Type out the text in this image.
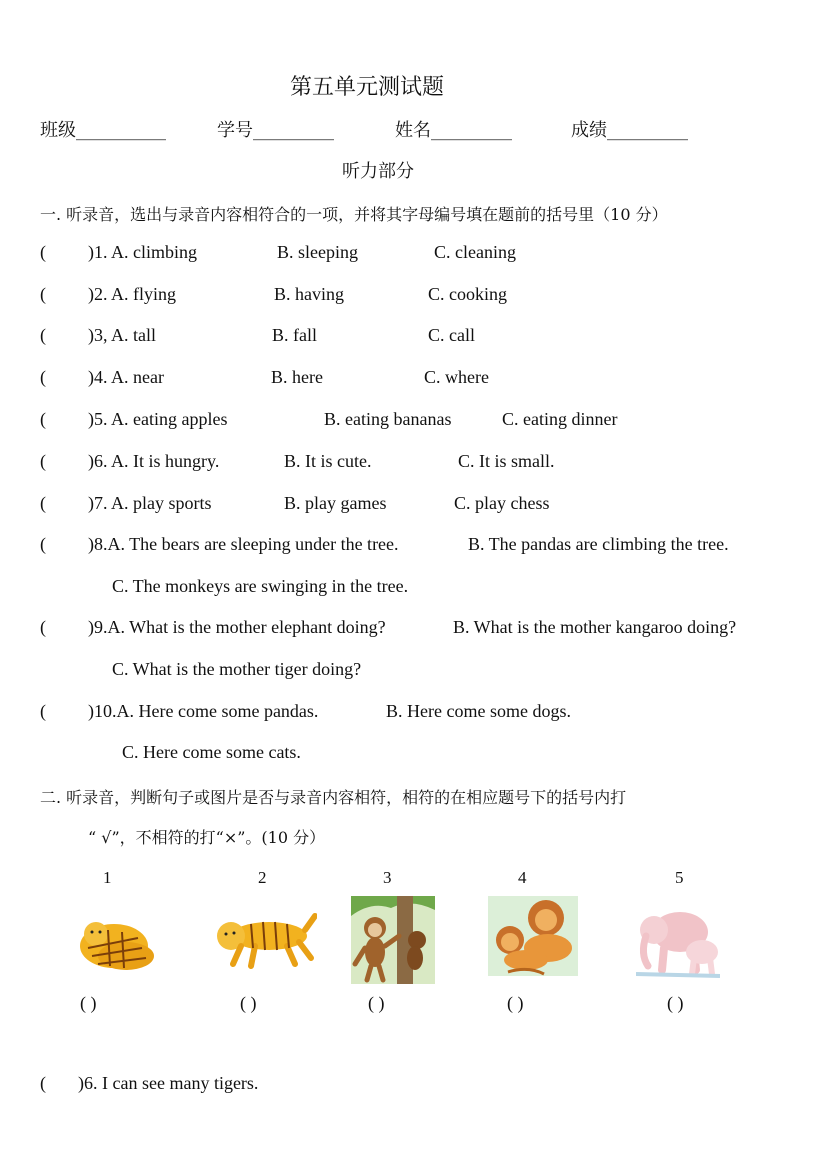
第五单元测试题
班级__________	学号_________	姓名_________	成绩_________
听力部分
一. 听录音，选出与录音内容相符合的一项，并将其字母编号填在题前的括号里（10 分）
( )1. A. climbing	B. sleeping	C. cleaning
( )2. A. flying	B. having	C. cooking
( )3, A. tall	B. fall	C. call
( )4. A. near	B. here	C. where
( )5. A. eating apples	B. eating bananas	C. eating dinner
( )6. A. It is hungry.	B. It is cute.	C. It is small.
( )7. A. play sports	B. play games	C. play chess
( )8.A. The bears are sleeping under the tree.	B. The pandas are climbing the tree.
C. The monkeys are swinging in the tree.
( )9.A. What is the mother elephant doing?	B. What is the mother kangaroo doing?
C. What is the mother tiger doing?
( )10.A. Here come some pandas.	B. Here come some dogs.
C. Here come some cats.
二. 听录音，判断句子或图片是否与录音内容相符，相符的在相应题号下的括号内打
“ √”，不相符的打“×”。(10 分）
1	2	3	4	5
( )	( )	( )	( )	( )
( )6. I can see many tigers.
